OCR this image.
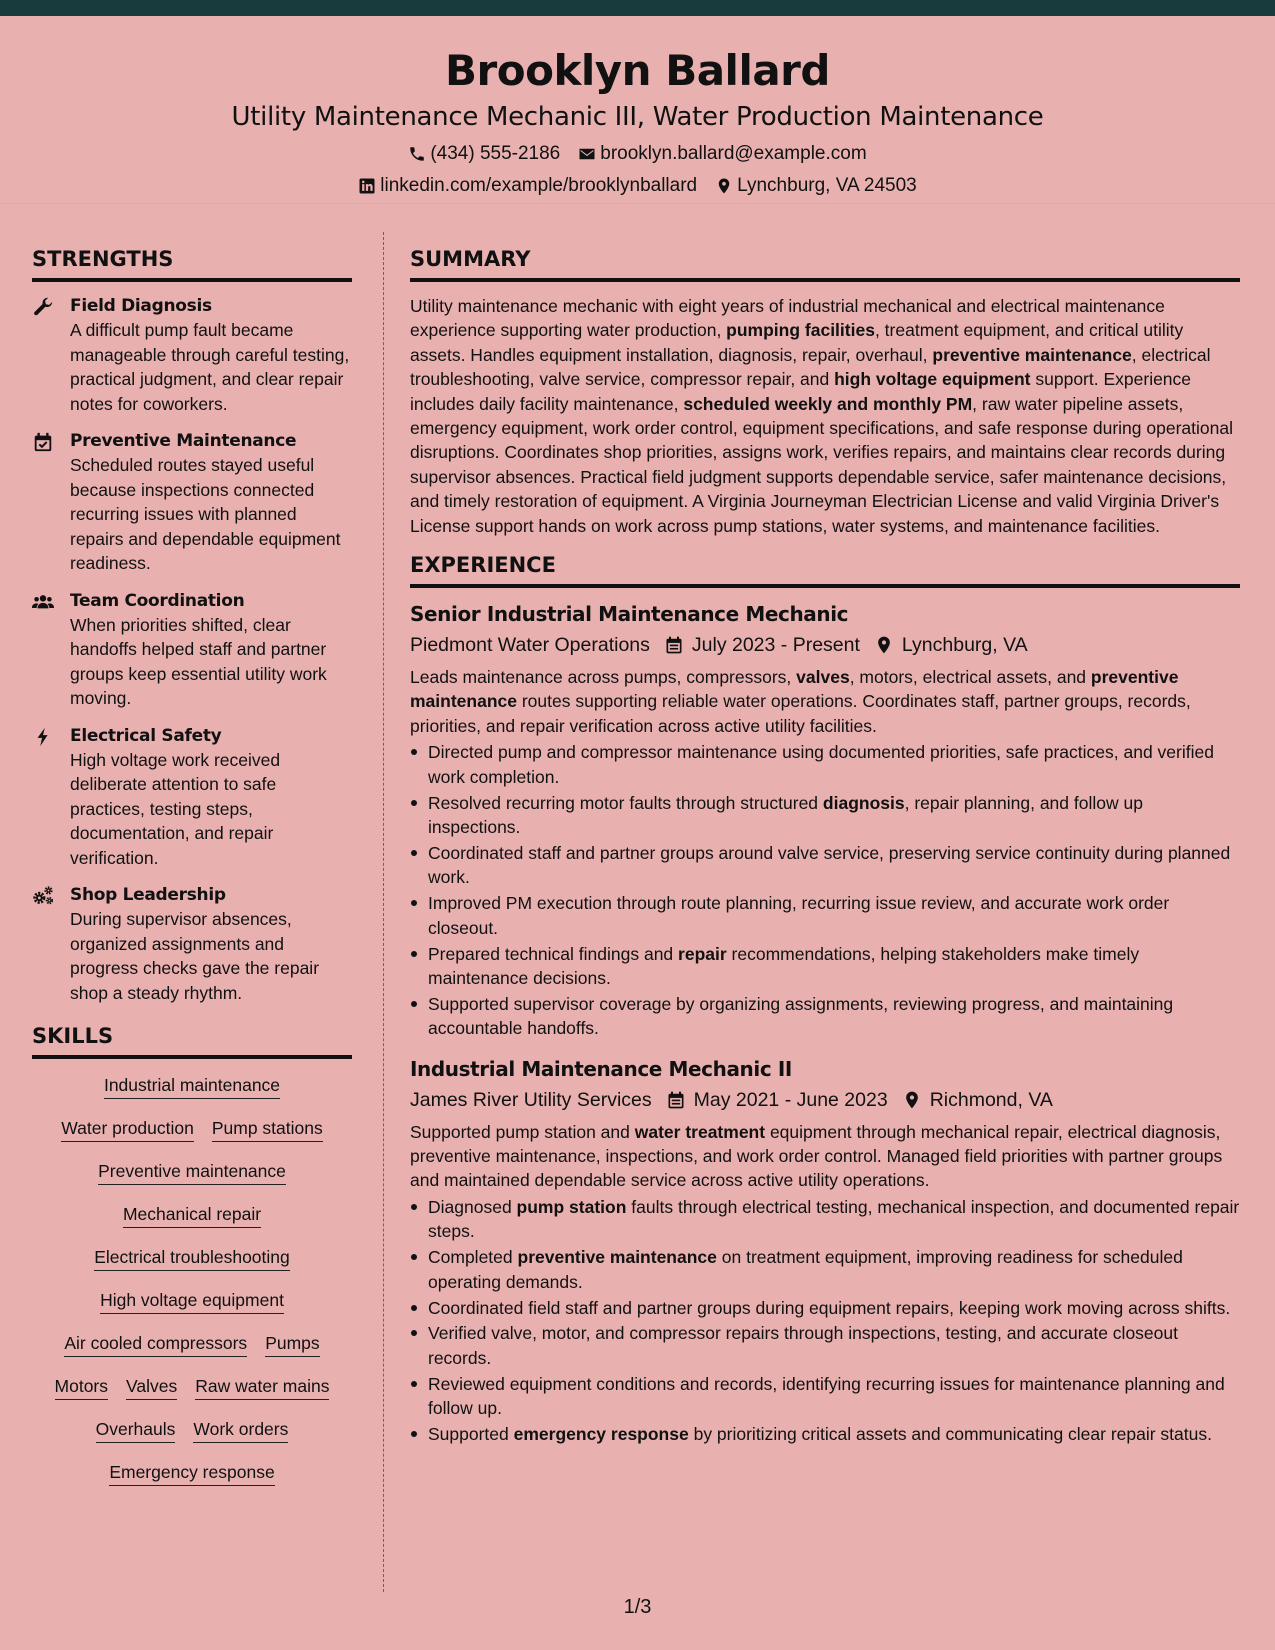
Brooklyn Ballard
Utility Maintenance Mechanic III, Water Production Maintenance
(434) 555-2186 brooklyn.ballard@example.com
linkedin.com/example/brooklynballard Lynchburg, VA 24503
STRENGTHS
Field Diagnosis
A difficult pump fault became manageable through careful testing, practical judgment, and clear repair notes for coworkers.
Preventive Maintenance
Scheduled routes stayed useful because inspections connected recurring issues with planned repairs and dependable equipment readiness.
Team Coordination
When priorities shifted, clear handoffs helped staff and partner groups keep essential utility work moving.
Electrical Safety
High voltage work received deliberate attention to safe practices, testing steps, documentation, and repair verification.
Shop Leadership
During supervisor absences, organized assignments and progress checks gave the repair shop a steady rhythm.
SKILLS
Industrial maintenance
Water production Pump stations
Preventive maintenance
Mechanical repair
Electrical troubleshooting
High voltage equipment
Air cooled compressors Pumps
Motors Valves Raw water mains
Overhauls Work orders
Emergency response
SUMMARY
Utility maintenance mechanic with eight years of industrial mechanical and electrical maintenance experience supporting water production, pumping facilities, treatment equipment, and critical utility assets. Handles equipment installation, diagnosis, repair, overhaul, preventive maintenance, electrical troubleshooting, valve service, compressor repair, and high voltage equipment support. Experience includes daily facility maintenance, scheduled weekly and monthly PM, raw water pipeline assets, emergency equipment, work order control, equipment specifications, and safe response during operational disruptions. Coordinates shop priorities, assigns work, verifies repairs, and maintains clear records during supervisor absences. Practical field judgment supports dependable service, safer maintenance decisions, and timely restoration of equipment. A Virginia Journeyman Electrician License and valid Virginia Driver's License support hands on work across pump stations, water systems, and maintenance facilities.
EXPERIENCE
Senior Industrial Maintenance Mechanic
Piedmont Water Operations July 2023 - Present Lynchburg, VA
Leads maintenance across pumps, compressors, valves, motors, electrical assets, and preventive maintenance routes supporting reliable water operations. Coordinates staff, partner groups, records, priorities, and repair verification across active utility facilities.
Directed pump and compressor maintenance using documented priorities, safe practices, and verified work completion.
Resolved recurring motor faults through structured diagnosis, repair planning, and follow up inspections.
Coordinated staff and partner groups around valve service, preserving service continuity during planned work.
Improved PM execution through route planning, recurring issue review, and accurate work order closeout.
Prepared technical findings and repair recommendations, helping stakeholders make timely maintenance decisions.
Supported supervisor coverage by organizing assignments, reviewing progress, and maintaining accountable handoffs.
Industrial Maintenance Mechanic II
James River Utility Services May 2021 - June 2023 Richmond, VA
Supported pump station and water treatment equipment through mechanical repair, electrical diagnosis, preventive maintenance, inspections, and work order control. Managed field priorities with partner groups and maintained dependable service across active utility operations.
Diagnosed pump station faults through electrical testing, mechanical inspection, and documented repair steps.
Completed preventive maintenance on treatment equipment, improving readiness for scheduled operating demands.
Coordinated field staff and partner groups during equipment repairs, keeping work moving across shifts.
Verified valve, motor, and compressor repairs through inspections, testing, and accurate closeout records.
Reviewed equipment conditions and records, identifying recurring issues for maintenance planning and follow up.
Supported emergency response by prioritizing critical assets and communicating clear repair status.
1/3
